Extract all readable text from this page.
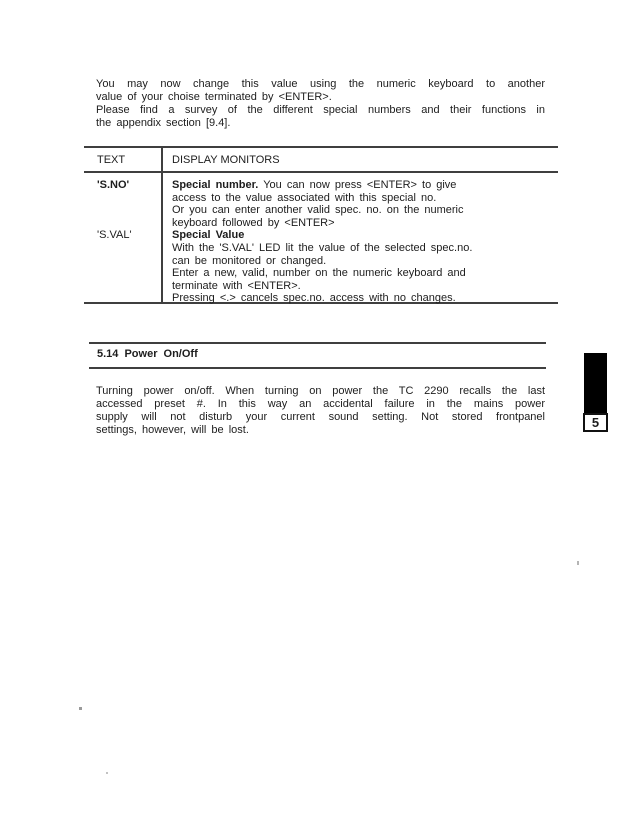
You may now change this value using the numeric keyboard to another
value of your choise terminated by <ENTER>.
Please find a survey of the different special numbers and their functions in
the appendix section [9.4].
TEXT	DISPLAY MONITORS
'S.NO'
'S.VAL'
Special number. You can now press <ENTER> to give
access to the value associated with this special no.
Or you can enter another valid spec. no. on the numeric
keyboard followed by <ENTER>
Special Value
With the 'S.VAL' LED lit the value of the selected spec.no.
can be monitored or changed.
Enter a new, valid, number on the numeric keyboard and
terminate with <ENTER>.
Pressing <.> cancels spec.no. access with no changes.
5.14 Power On/Off
Turning power on/off. When turning on power the TC 2290 recalls the last
accessed preset #. In this way an accidental failure in the mains power
supply will not disturb your current sound setting. Not stored frontpanel
settings, however, will be lost.	5
